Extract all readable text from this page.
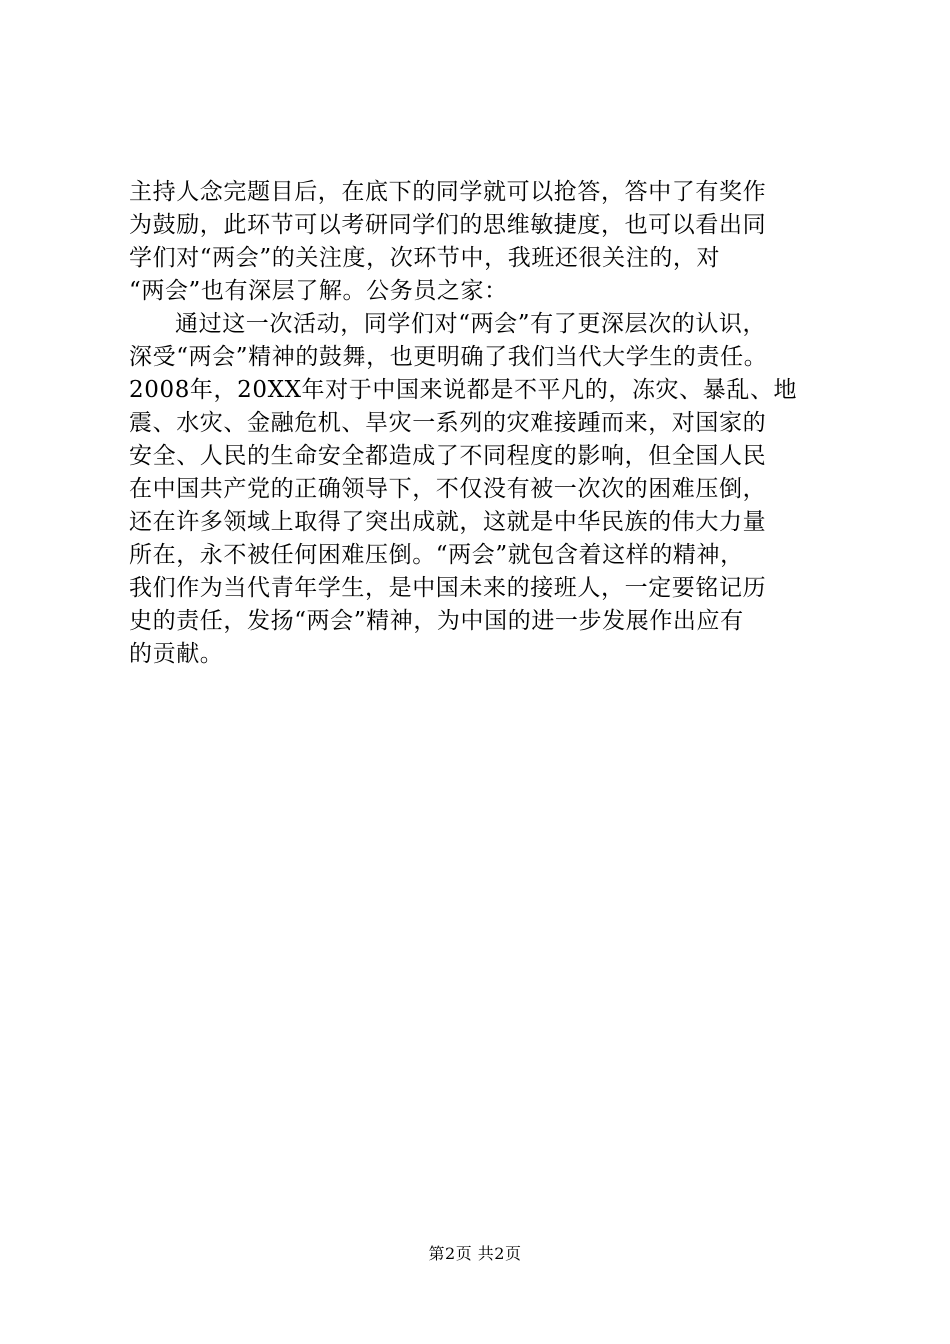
主持人念完题目后，在底下的同学就可以抢答，答中了有奖作
为鼓励，此环节可以考研同学们的思维敏捷度，也可以看出同
学们对“两会”的关注度，次环节中，我班还很关注的，对
“两会”也有深层了解。公务员之家：
通过这一次活动，同学们对“两会”有了更深层次的认识，
深受“两会”精神的鼓舞，也更明确了我们当代大学生的责任。
2008年，20XX年对于中国来说都是不平凡的，冻灾、暴乱、地
震、水灾、金融危机、旱灾一系列的灾难接踵而来，对国家的
安全、人民的生命安全都造成了不同程度的影响，但全国人民
在中国共产党的正确领导下，不仅没有被一次次的困难压倒，
还在许多领域上取得了突出成就，这就是中华民族的伟大力量
所在，永不被任何困难压倒。“两会”就包含着这样的精神，
我们作为当代青年学生，是中国未来的接班人，一定要铭记历
史的责任，发扬“两会”精神，为中国的进一步发展作出应有
的贡献。
第2页 共2页
